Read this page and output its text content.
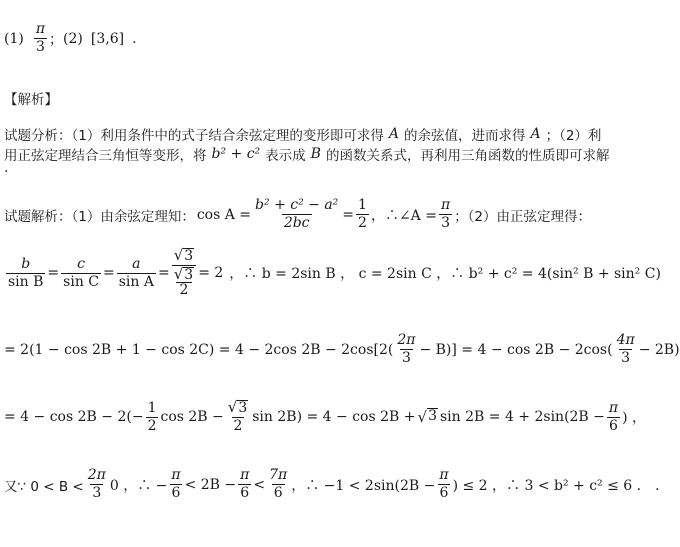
$(1) \frac{\pi}{3}$ ； (2) [3,6] .
【解析】
试题分析：（1）利用条件中的式子结合余弦定理的变形即可求得 A 的余弦值，进而求得 A ；（2）利
用正弦定理结合三角恒等变形，将 b² + c² 表示成 B 的函数关系式，再利用三角函数的性质即可求解
.
试题解析：（1）由余弦定理知： $\cos A = \frac{\text{b² + c² − a²}}{2bc} = \frac{1}{2}$ ，∴∠A = $\frac{\pi}{3}$ ；（2）由正弦定理得：
$\frac{b}{\text{sin B}} = \frac{c}{\text{sin C}} = \frac{a}{\text{sin A}}$ = √ 3
√ 3
2 = 2 ，∴ b = 2sin B ， c = 2sin C ，∴ b² + c² = 4(sin² B + sin² C)
= 2(1 − cos 2B + 1 − cos 2C) = 4 − 2cos $2B - 2\cos[2( \frac{2\pi}{3} - B)] = 4 - \cos 2B - 2\cos( \frac{4\pi}{3} - 2B)$
= $4 - \cos 2B - 2(- \frac{1}{2}$ $\cos 2B - \frac{√ 3}{2}$ sin 2B) = 4 − cos 2B + √ 3 $\sin 2B = 4 + 2\sin(2B - \frac{\pi}{6}$ ) ，
又∵ $0 < B < \frac{2\pi}{3} 0$ ，∴ − $\frac{\pi}{6} < 2B - \frac{\pi}{6} < \frac{7\pi}{6}$ ，∴ $-1 < 2\sin(2B - \frac{\pi}{6}$ ) ≤ 2 ，∴ 3 < b² + c² ≤ 6 ． ．
